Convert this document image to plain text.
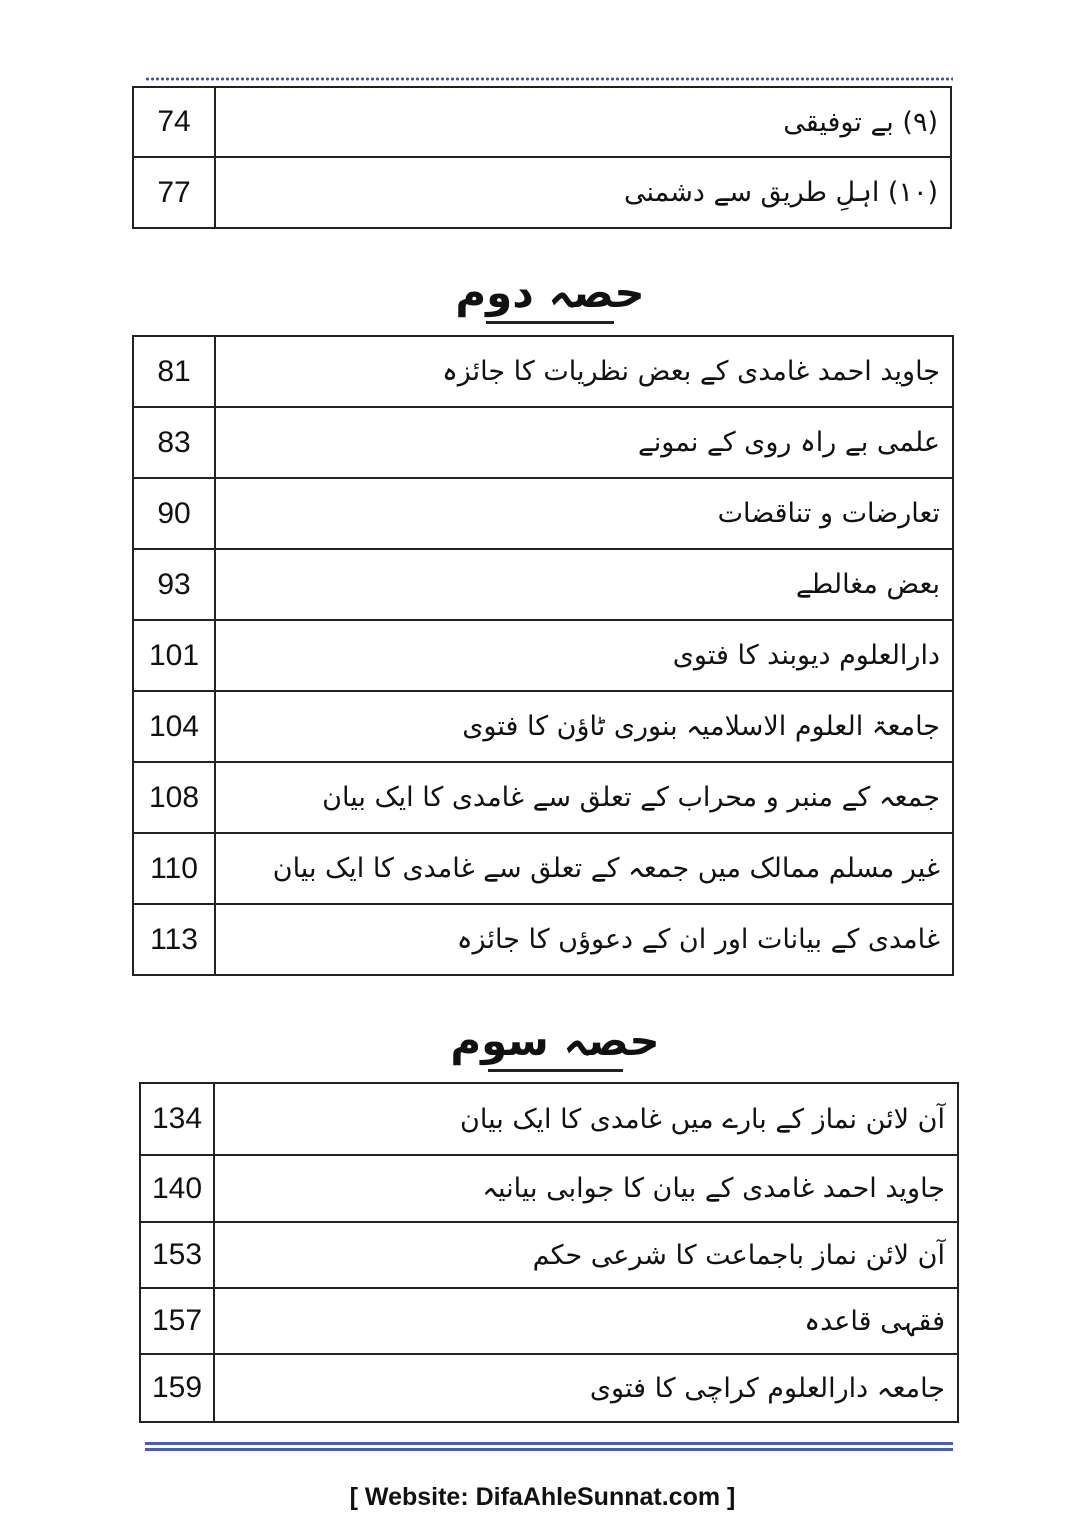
74	(۹) بے توفیقی
77	(۱۰) اہلِ طریق سے دشمنی
حصہ دوم
81	جاوید احمد غامدی کے بعض نظریات کا جائزہ
83	علمی بے راہ روی کے نمونے
90	تعارضات و تناقضات
93	بعض مغالطے
101	دارالعلوم دیوبند کا فتوی
104	جامعۃ العلوم الاسلامیہ بنوری ٹاؤن کا فتوی
108	جمعہ کے منبر و محراب کے تعلق سے غامدی کا ایک بیان
110	غیر مسلم ممالک میں جمعہ کے تعلق سے غامدی کا ایک بیان
113	غامدی کے بیانات اور ان کے دعوؤں کا جائزہ
حصہ سوم
134	آن لائن نماز کے بارے میں غامدی کا ایک بیان
140	جاوید احمد غامدی کے بیان کا جوابی بیانیہ
153	آن لائن نماز باجماعت کا شرعی حکم
157	فقہی قاعدہ
159	جامعہ دارالعلوم کراچی کا فتوی
[ Website: DifaAhleSunnat.com ]
